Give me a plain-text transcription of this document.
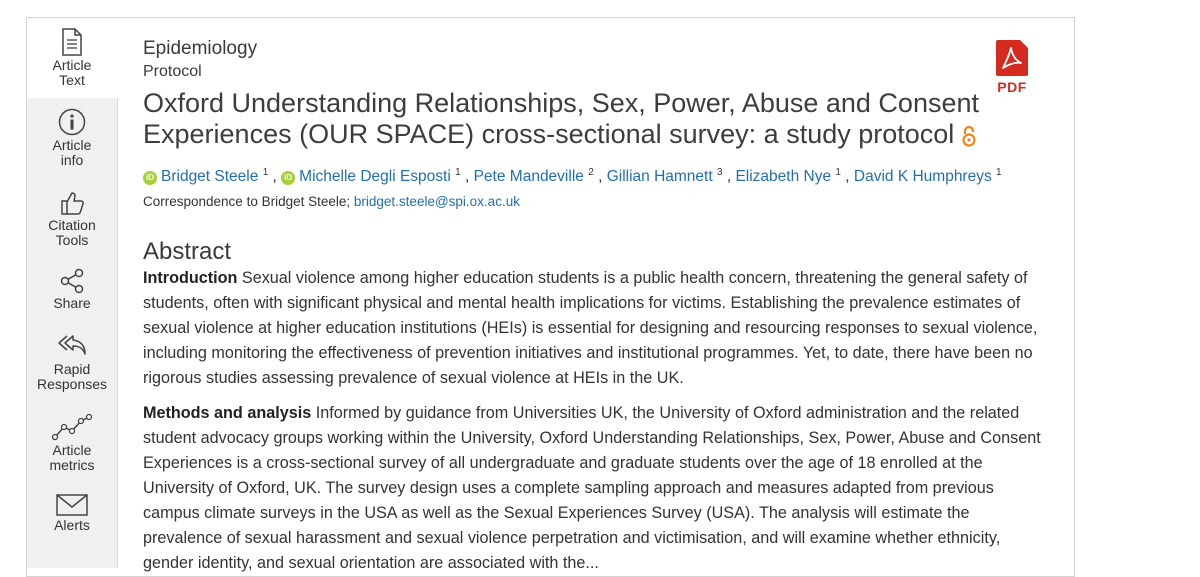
Article
Text
Article
info
Citation
Tools
Share
Rapid
Responses
Article
metrics
Alerts
Epidemiology
Protocol
PDF
Oxford Understanding Relationships, Sex, Power, Abuse and Consent Experiences (OUR SPACE) cross-sectional survey: a study protocol
iD Bridget Steele $^1$ , iD Michelle Degli Esposti $^1$ , Pete Mandeville $^2$ , Gillian Hamnett $^3$ , Elizabeth Nye $^1$ , David K Humphreys $^1$
Correspondence to Bridget Steele; bridget.steele@spi.ox.ac.uk
Abstract

Introduction Sexual violence among higher education students is a public health concern, threatening the general safety of students, often with significant physical and mental health implications for victims. Establishing the prevalence estimates of sexual violence at higher education institutions (HEIs) is essential for designing and resourcing responses to sexual violence, including monitoring the effectiveness of prevention initiatives and institutional programmes. Yet, to date, there have been no rigorous studies assessing prevalence of sexual violence at HEIs in the UK.

Methods and analysis Informed by guidance from Universities UK, the University of Oxford administration and the related student advocacy groups working within the University, Oxford Understanding Relationships, Sex, Power, Abuse and Consent Experiences is a cross-sectional survey of all undergraduate and graduate students over the age of 18 enrolled at the University of Oxford, UK. The survey design uses a complete sampling approach and measures adapted from previous campus climate surveys in the USA as well as the Sexual Experiences Survey (USA). The analysis will estimate the prevalence of sexual harassment and sexual violence perpetration and victimisation, and will examine whether ethnicity, gender identity, and sexual orientation are associated with the...
